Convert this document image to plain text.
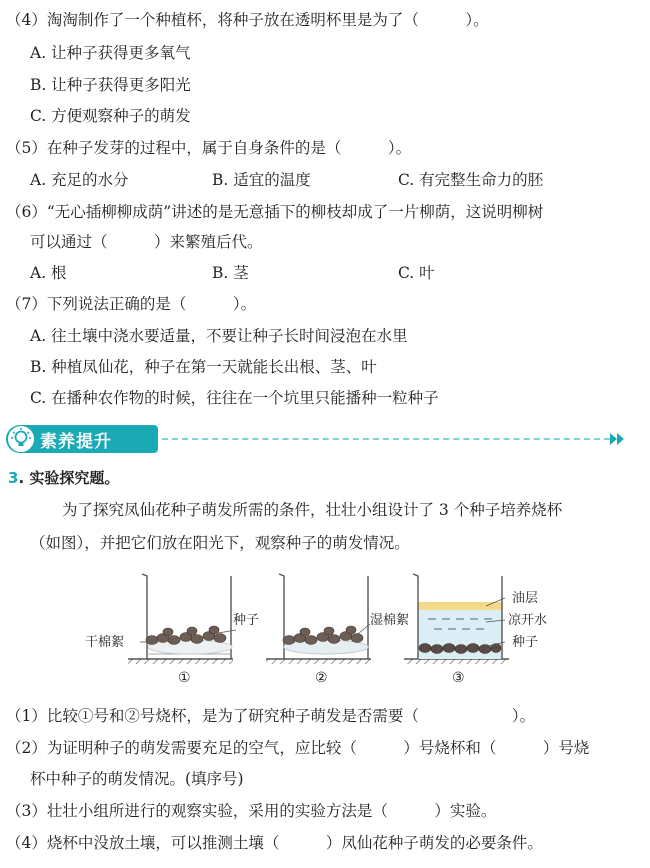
（4）淘淘制作了一个种植杯，将种子放在透明杯里是为了（　　　）。
A. 让种子获得更多氧气
B. 让种子获得更多阳光
C. 方便观察种子的萌发
（5）在种子发芽的过程中，属于自身条件的是（　　　）。
A. 充足的水分	B. 适宜的温度	C. 有完整生命力的胚
（6）“无心插柳柳成荫”讲述的是无意插下的柳枝却成了一片柳荫，这说明柳树
可以通过（　　　）来繁殖后代。
A. 根	B. 茎	C. 叶
（7）下列说法正确的是（　　　）。
A. 往土壤中浇水要适量，不要让种子长时间浸泡在水里
B. 种植凤仙花，种子在第一天就能长出根、茎、叶
C. 在播种农作物的时候，往往在一个坑里只能播种一粒种子
素养提升
3. 实验探究题。
为了探究凤仙花种子萌发所需的条件，壮壮小组设计了 3 个种子培养烧杯
（如图），并把它们放在阳光下，观察种子的萌发情况。
干棉絮
种子
①
湿棉絮
②
油层
凉开水
种子
③
（1）比较①号和②号烧杯，是为了研究种子萌发是否需要（　　　　　　）。
（2）为证明种子的萌发需要充足的空气，应比较（　　　）号烧杯和（　　　）号烧
杯中种子的萌发情况。(填序号)
（3）壮壮小组所进行的观察实验，采用的实验方法是（　　　）实验。
（4）烧杯中没放土壤，可以推测土壤（　　　）凤仙花种子萌发的必要条件。
